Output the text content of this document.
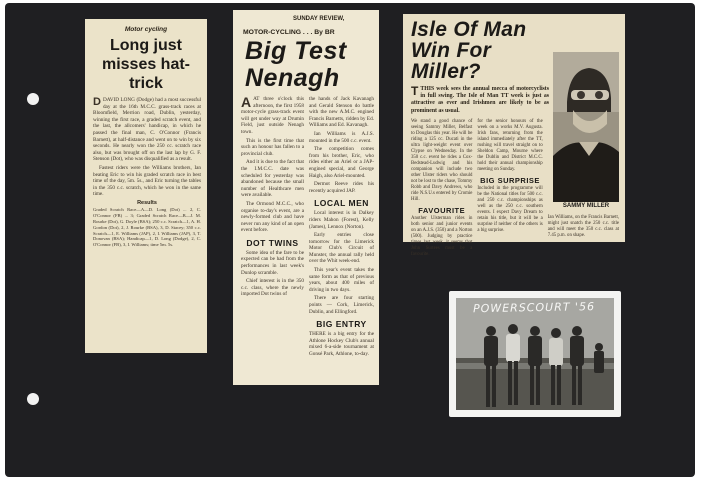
Motor cycling
Long just misses hat-trick
DDAVID LONG (Dodge) had a most successful day at the 16th M.C.C. grass-track races at Bloomfield, Merrion road, Dublin, yesterday, winning the first race, a graded scratch event, and the last, the allcomers' handicap, in which he passed the final man, C. O'Connor (Francis Barnett), at half-distance and went on to win by six seconds. He nearly won the 250 cc. scratch race also, but was brought off on the last lap by G. F. Stenson (Dot), who was disqualified as a result.
Fastest riders were the Williams brothers, Ian beating Eric to win his graded scratch race in best time of the day, 5m. 5s., and Eric turning the tables in the 350 c.c. scratch, which he won in the same time.
Results
Graded Scratch Race—A—D. Long (Dot) ... 2, C. O'Connor (FB) ... 3; Graded Scratch Race—B—J. M. Rourke (Dot), G. Doyle (BSA); 250 c.c. Scratch—1, A. H. Gordon (Dot), 2, J. Rourke (BSA), 3, D. Stacey; 350 c.c. Scratch—1, E. Williams (JAP), 2, I. Williams (JAP), 3, T. Donovan (BSA); Handicap—1, D. Long (Dodge), 2, C. O'Connor (FB), 3, I. Williams; time 5m. 5s.
SUNDAY REVIEW,
MOTOR-CYCLING . . . By BR
Big Test Nenagh
AAT three o'clock this afternoon, the first 1958 motor-cycle grass-track event will get under way at Drumin Field, just outside Nenagh town.
This is the first time that such an honour has fallen to a provincial club.
And it is due to the fact that the I.M.C.C. date was scheduled for yesterday was abandoned because the small number of Healthcare men were available.
The Ormond M.C.C., who organise to-day's event, are a newly-formed club and have never run any kind of an open event before.
DOT TWINS
Some idea of the fare to be expected can be had from the performances in last week's Dunlop scramble.
Chief interest is in the 350 c.c. class, where the newly imported Dot twins of
the hands of Jack Kavanagh and Gerald Stenson do battle with the new A.M.C. engined Francis Barnetts, ridden by Ed. Williams and Ed. Kavanagh.
Ian Williams is A.J.S. mounted in the 500 c.c. event.
The competition comes from his brother, Eric, who rides either an Ariel or a JAP-engined special, and George Haigh, also Ariel-mounted.
Dermot Reeve rides his recently acquired JAP.
LOCAL MEN
Local interest is in Dalkey riders Mahon (Forest), Kelly (James), Lennox (Norton).
Early entries close tomorrow for the Limerick Motor Club's Circuit of Munster, the annual rally held over the Whit week-end.
This year's event takes the same form as that of previous years, about 400 miles of driving in two days.
There are four starting points — Cork, Limerick, Dublin, and Ellingford.
BIG ENTRY
THERE is a big entry for the Athlone Hockey Club's annual mixed 6-a-side tournament at Gonsé Park, Athlone, to-day.
Isle Of Man Win For Miller?
TTHIS week sees the annual mecca of motorcyclists in full swing. The Isle of Man TT week is just as attractive as ever and Irishmen are likely to be as prominent as usual.
We stand a good chance of seeing Sammy Miller, Belfast to Douglas this year. He will be riding a 125 cc. Ducati in the ultra light-weight event over Clypse on Wednesday. In the 350 c.c. event he rides a Cox-Bedstead-Ludwig and his companion will include two other Ulster riders who should not be lost to the chase, Tommy Robb and Davy Andrews, who ride N.S.U.s entered by Cromie Hill.
FAVOURITE
Another Ulsterman rides in both senior and junior events on an A.J.S. (350) and a Norton (500). Judging by practice times last week, it seems that John Surtees must be a favourite.
for the senior honours of the week on a works M.V. Augusta. Irish fans, returning from the island immediately after the TT, rushing will travel straight on to Sheldon Camp, Mourne where the Dublin and District M.C.C. hold their annual championship meeting on Sunday.
BIG SURPRISE
Included in the programme will be the National titles for 500 c.c. and 250 c.c. championships as well as the 250 c.c. southern events. I expect Davy Dream to retain his title, but it will be a surprise if neither of the others is a big surprise.
Ian Williams, on the Francis Barnett, might just snatch the 250 c.c. title and will meet the 350 c.c. class at 7.45 p.m. on shape.
SAMMY MILLER
POWERSCOURT '56
